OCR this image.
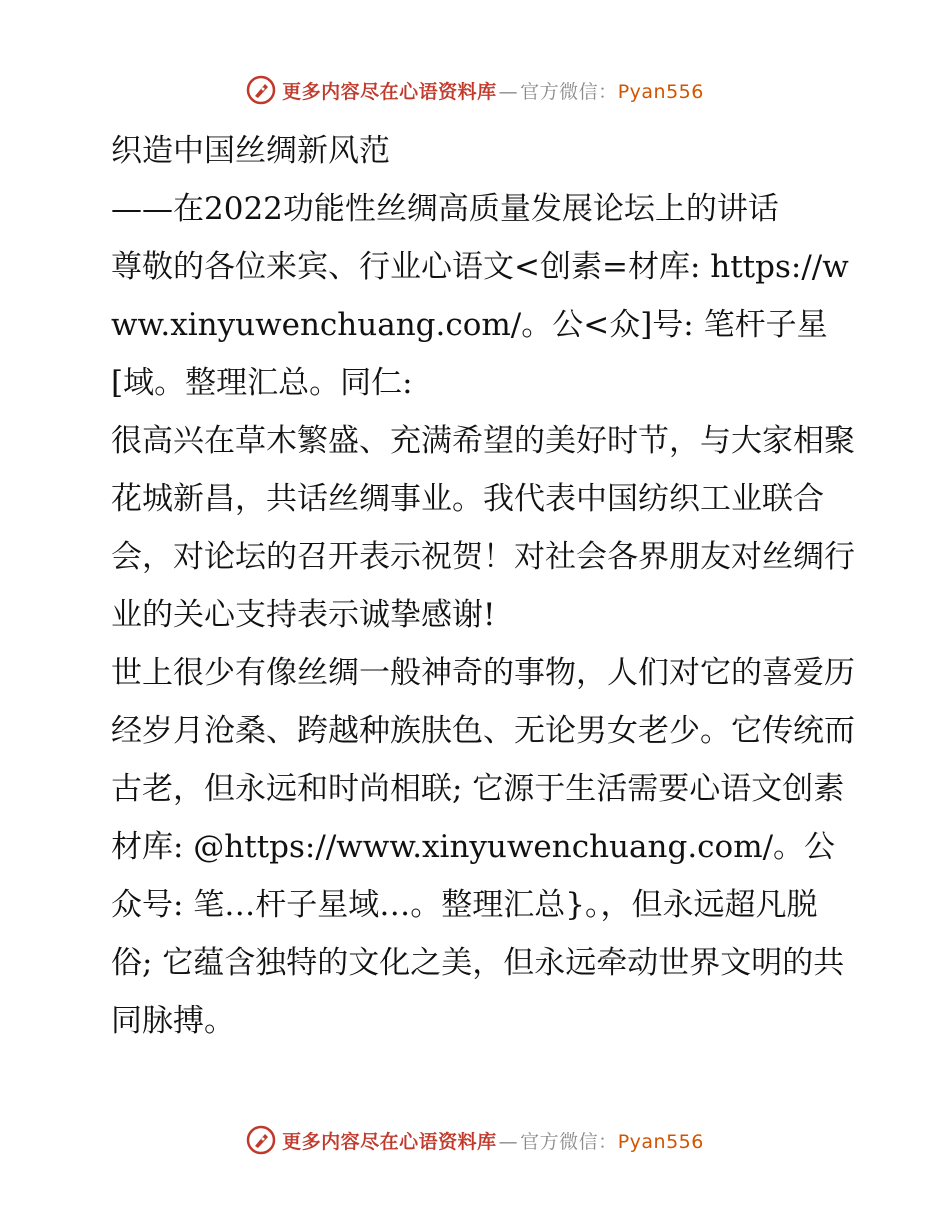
更多内容尽在心语资料库 — 官方微信：Pyan556

织造中国丝绸新风范

——在2022功能性丝绸高质量发展论坛上的讲话

尊敬的各位来宾、行业心语文<创素=材库: https://www.xinyuwenchuang.com/。公<众]号: 笔杆子星[域。整理汇总。同仁:

很高兴在草木繁盛、充满希望的美好时节，与大家相聚花城新昌，共话丝绸事业。我代表中国纺织工业联合会，对论坛的召开表示祝贺！对社会各界朋友对丝绸行业的关心支持表示诚挚感谢!

世上很少有像丝绸一般神奇的事物，人们对它的喜爱历经岁月沧桑、跨越种族肤色、无论男女老少。它传统而古老，但永远和时尚相联; 它源于生活需要心语文创素材库: @https://www.xinyuwenchuang.com/。公众号: 笔…杆子星域…。整理汇总}。，但永远超凡脱俗; 它蕴含独特的文化之美，但永远牵动世界文明的共同脉搏。

更多内容尽在心语资料库 — 官方微信：Pyan556
